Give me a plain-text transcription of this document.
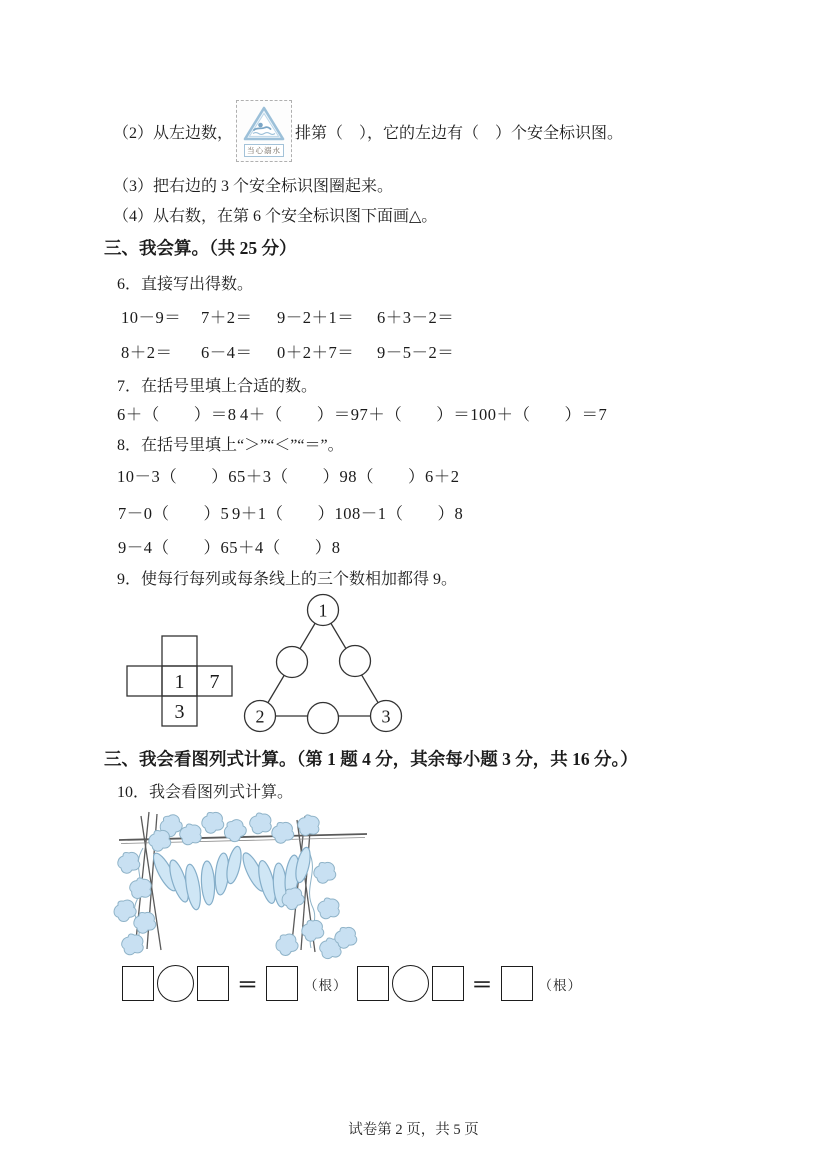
（2）从左边数，
当心溺水
排第（　），它的左边有（　）个安全标识图。
（3）把右边的 3 个安全标识图圈起来。
（4）从右数，在第 6 个安全标识图下面画△。
三、我会算。（共 25 分）
6．直接写出得数。
10－9＝	7＋2＝	9－2＋1＝	6＋3－2＝
8＋2＝	6－4＝	0＋2＋7＝	9－5－2＝
7．在括号里填上合适的数。
6＋（　　）＝8 4＋（　　）＝9 7＋（　　）＝10 0＋（　　）＝7
8．在括号里填上“＞”“＜”“＝”。
10－3（　　）6 5＋3（　　）9 8（　　）6＋2
7－0（　　）5 9＋1（　　）10 8－1（　　）8
9－4（　　）6 5＋4（　　）8
9．使每行每列或每条线上的三个数相加都得 9。
1 7
3
1
2	3
三、我会看图列式计算。（第 1 题 4 分，其余每小题 3 分，共 16 分。）
10．我会看图列式计算。
＝	（根）	＝	（根）
试卷第 2 页，共 5 页
